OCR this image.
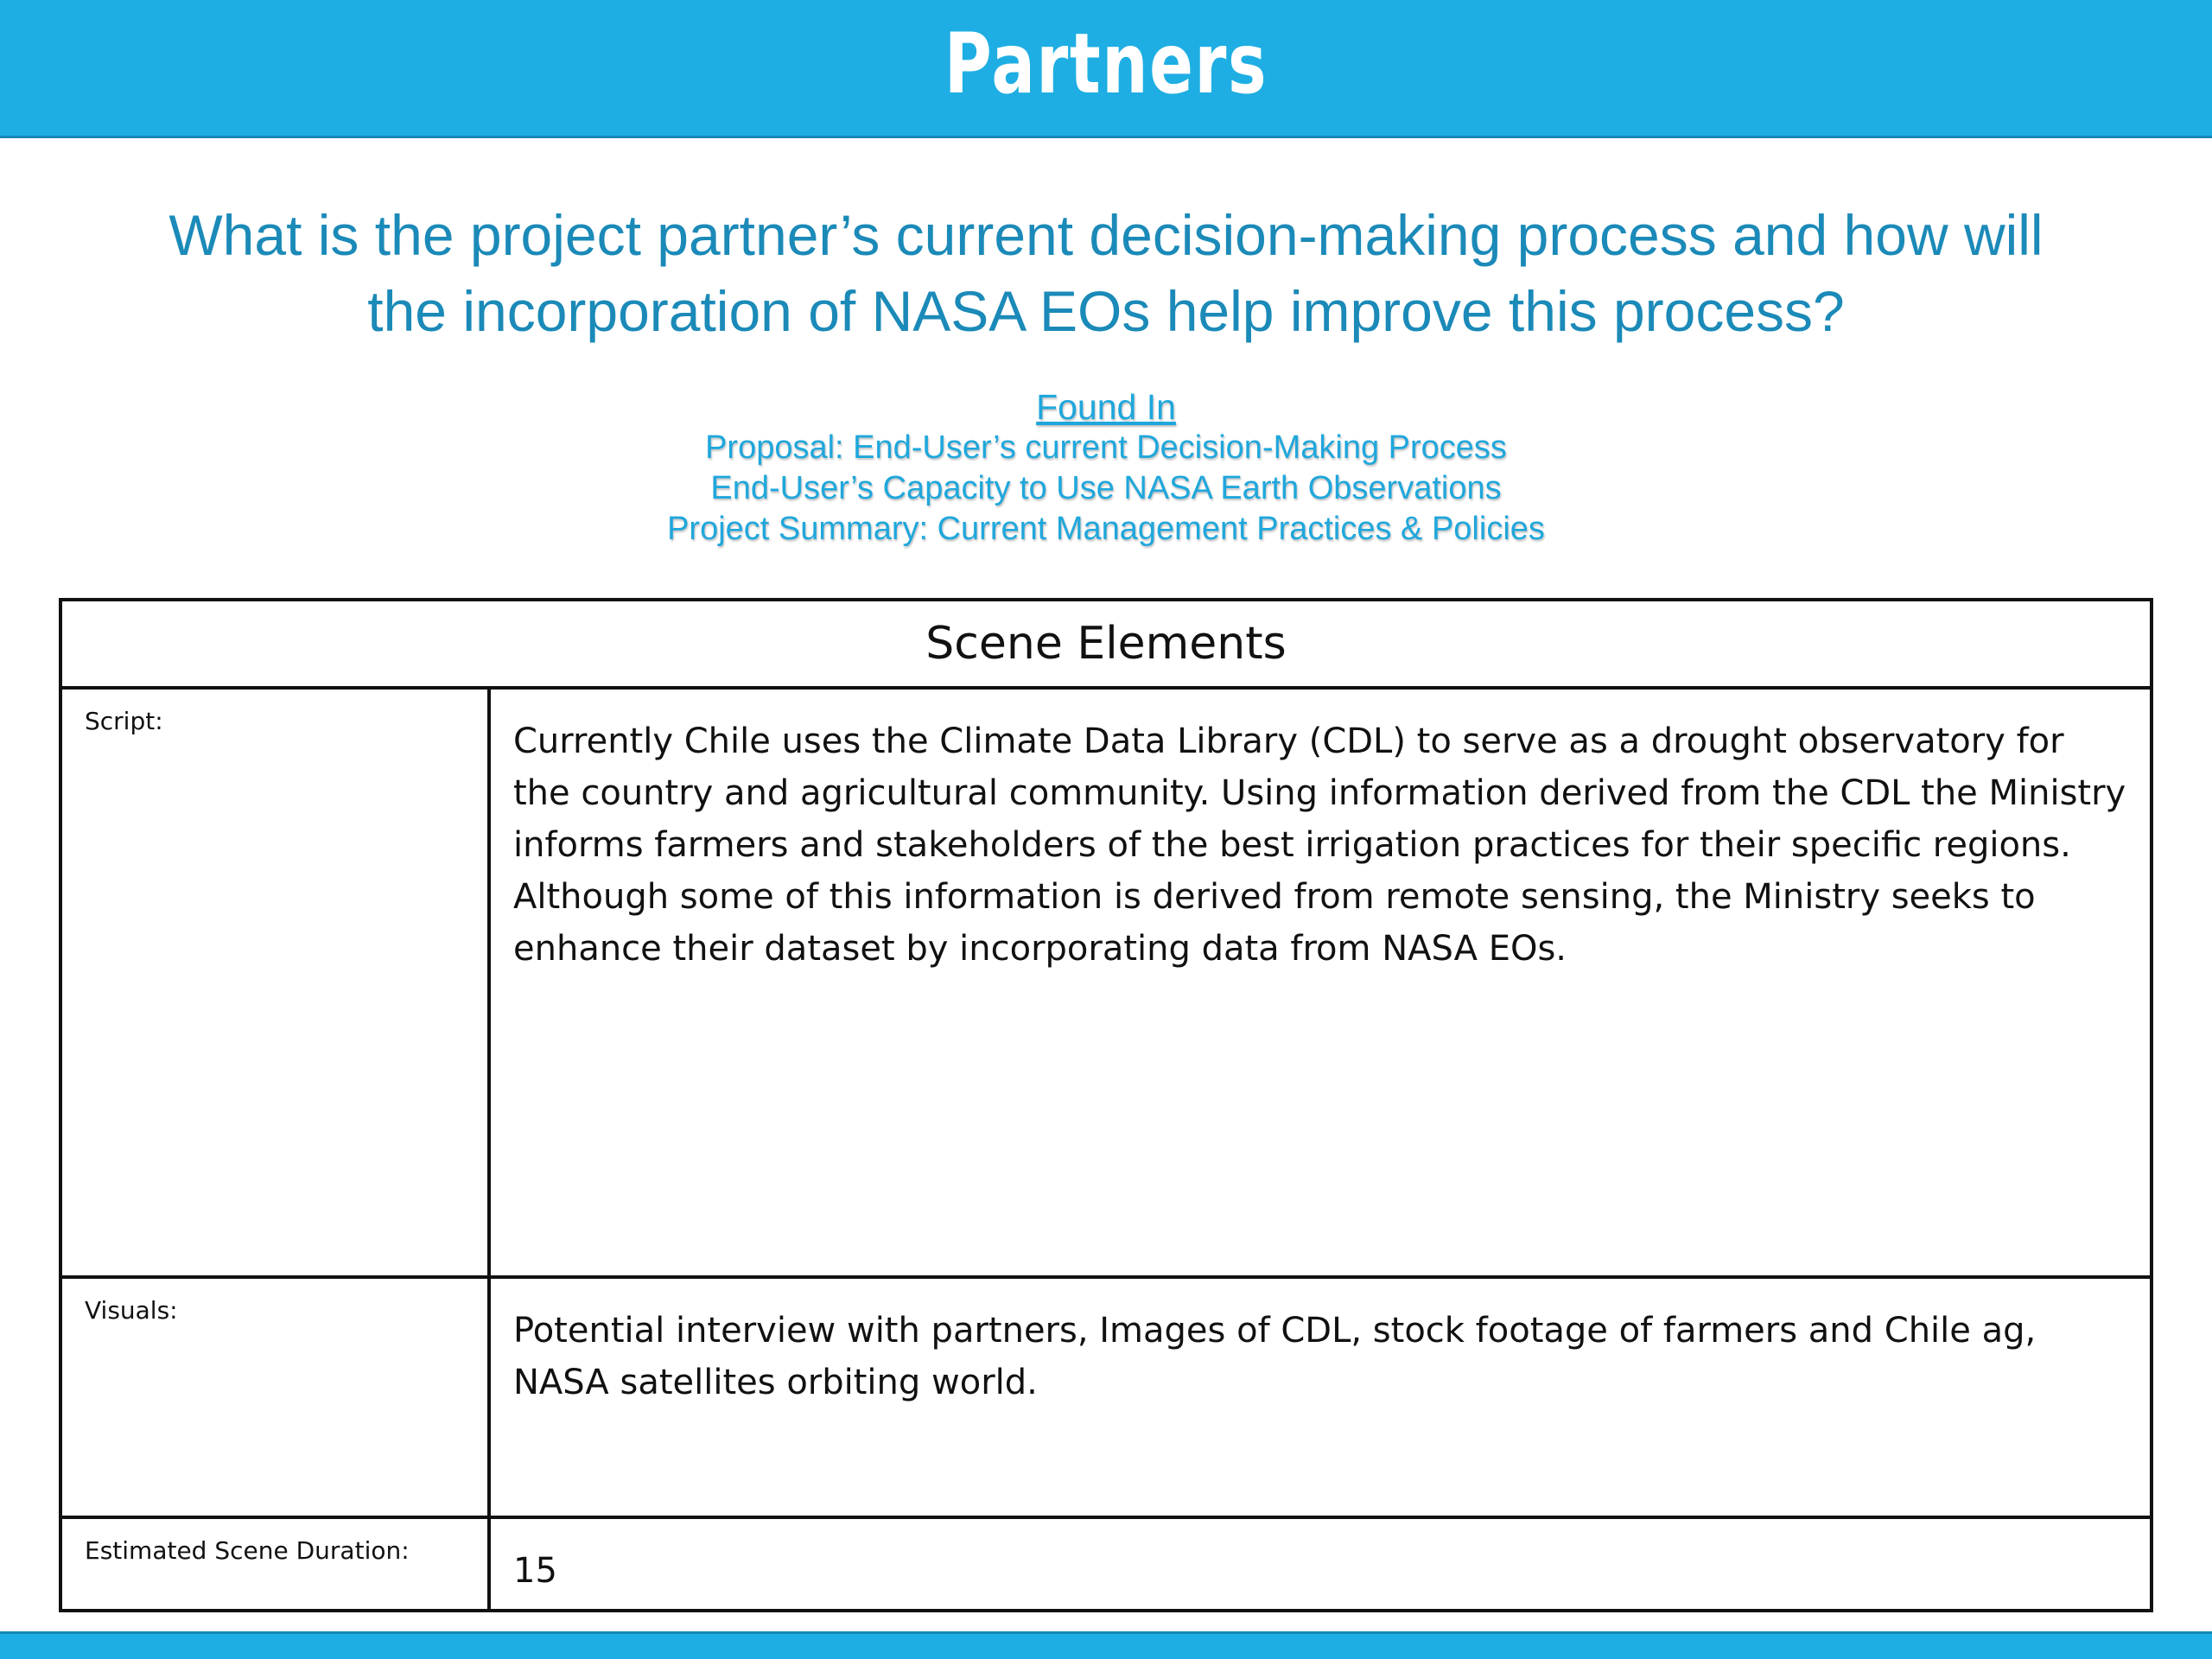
Partners
What is the project partner’s current decision-making process and how will
the incorporation of NASA EOs help improve this process?
Found In
Proposal: End-User’s current Decision-Making Process
End-User’s Capacity to Use NASA Earth Observations
Project Summary: Current Management Practices & Policies
Scene Elements
Script:
Currently Chile uses the Climate Data Library (CDL) to serve as a drought observatory for the country and agricultural community. Using information derived from the CDL the Ministry informs farmers and stakeholders of the best irrigation practices for their specific regions. Although some of this information is derived from remote sensing, the Ministry seeks to enhance their dataset by incorporating data from NASA EOs.
Visuals:
Potential interview with partners, Images of CDL, stock footage of farmers and Chile ag, NASA satellites orbiting world.
Estimated Scene Duration:
15
